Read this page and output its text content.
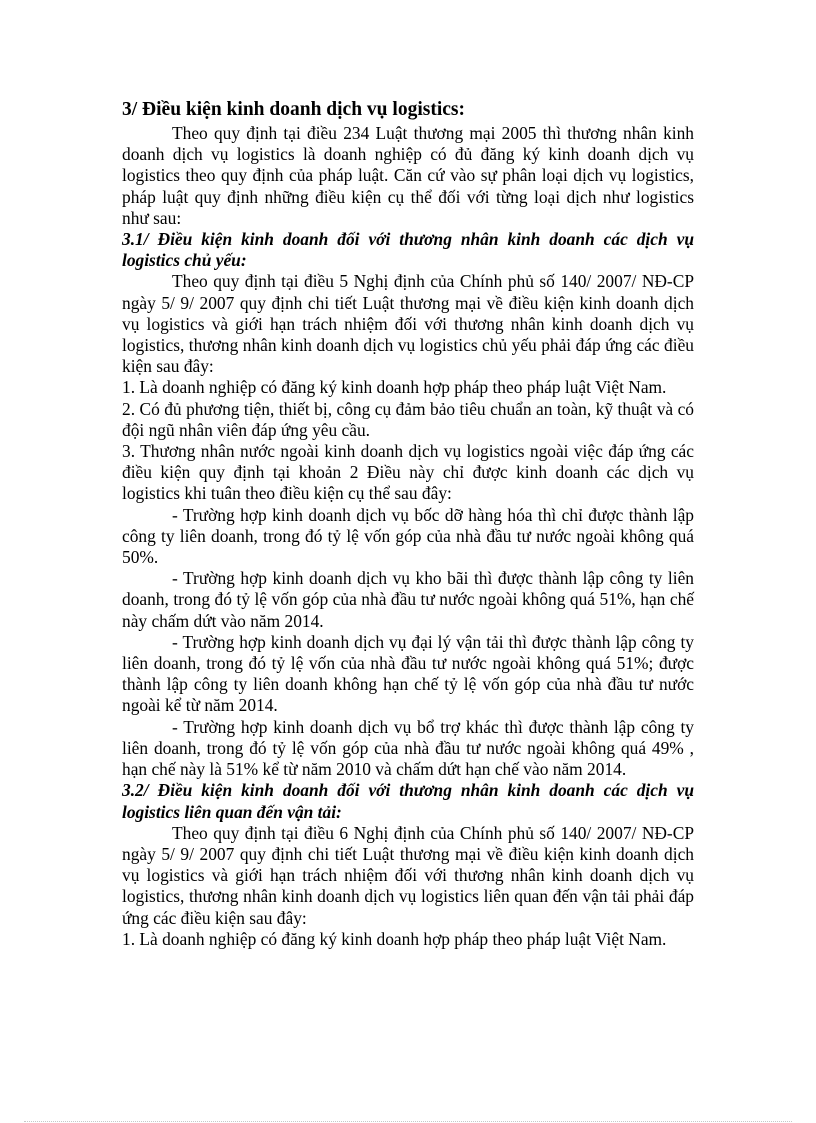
3/ Điều kiện kinh doanh dịch vụ logistics:

Theo quy định tại điều 234 Luật thương mại 2005 thì thương nhân kinh doanh dịch vụ logistics là doanh nghiệp có đủ đăng ký kinh doanh dịch vụ logistics theo quy định của pháp luật. Căn cứ vào sự phân loại dịch vụ logistics, pháp luật quy định những điều kiện cụ thể đối với từng loại dịch như logistics như sau:

3.1/ Điều kiện kinh doanh đối với thương nhân kinh doanh các dịch vụ logistics chủ yếu:

Theo quy định tại điều 5 Nghị định của Chính phủ số 140/ 2007/ NĐ-CP ngày 5/ 9/ 2007 quy định chi tiết Luật thương mại về điều kiện kinh doanh dịch vụ logistics và giới hạn trách nhiệm đối với thương nhân kinh doanh dịch vụ logistics, thương nhân kinh doanh dịch vụ logistics chủ yếu phải đáp ứng các điều kiện sau đây:

1. Là doanh nghiệp có đăng ký kinh doanh hợp pháp theo pháp luật Việt Nam.

2. Có đủ phương tiện, thiết bị, công cụ đảm bảo tiêu chuẩn an toàn, kỹ thuật và có đội ngũ nhân viên đáp ứng yêu cầu.

3. Thương nhân nước ngoài kinh doanh dịch vụ logistics ngoài việc đáp ứng các điều kiện quy định tại khoản 2 Điều này chỉ được kinh doanh các dịch vụ logistics khi tuân theo điều kiện cụ thể sau đây:

- Trường hợp kinh doanh dịch vụ bốc dỡ hàng hóa thì chỉ được thành lập công ty liên doanh, trong đó tỷ lệ vốn góp của nhà đầu tư nước ngoài không quá 50%.

- Trường hợp kinh doanh dịch vụ kho bãi thì được thành lập công ty liên doanh, trong đó tỷ lệ vốn góp của nhà đầu tư nước ngoài không quá 51%, hạn chế này chấm dứt vào năm 2014.

- Trường hợp kinh doanh dịch vụ đại lý vận tải thì được thành lập công ty liên doanh, trong đó tỷ lệ vốn của nhà đầu tư nước ngoài không quá 51%; được thành lập công ty liên doanh không hạn chế tỷ lệ vốn góp của nhà đầu tư nước ngoài kể từ năm 2014.

- Trường hợp kinh doanh dịch vụ bổ trợ khác thì được thành lập công ty liên doanh, trong đó tỷ lệ vốn góp của nhà đầu tư nước ngoài không quá 49% , hạn chế này là 51% kể từ năm 2010 và chấm dứt hạn chế vào năm 2014.

3.2/ Điều kiện kinh doanh đối với thương nhân kinh doanh các dịch vụ logistics liên quan đến vận tải:

Theo quy định tại điều 6 Nghị định của Chính phủ số 140/ 2007/ NĐ-CP ngày 5/ 9/ 2007 quy định chi tiết Luật thương mại về điều kiện kinh doanh dịch vụ logistics và giới hạn trách nhiệm đối với thương nhân kinh doanh dịch vụ logistics, thương nhân kinh doanh dịch vụ logistics liên quan đến vận tải phải đáp ứng các điều kiện sau đây:

1. Là doanh nghiệp có đăng ký kinh doanh hợp pháp theo pháp luật Việt Nam.
